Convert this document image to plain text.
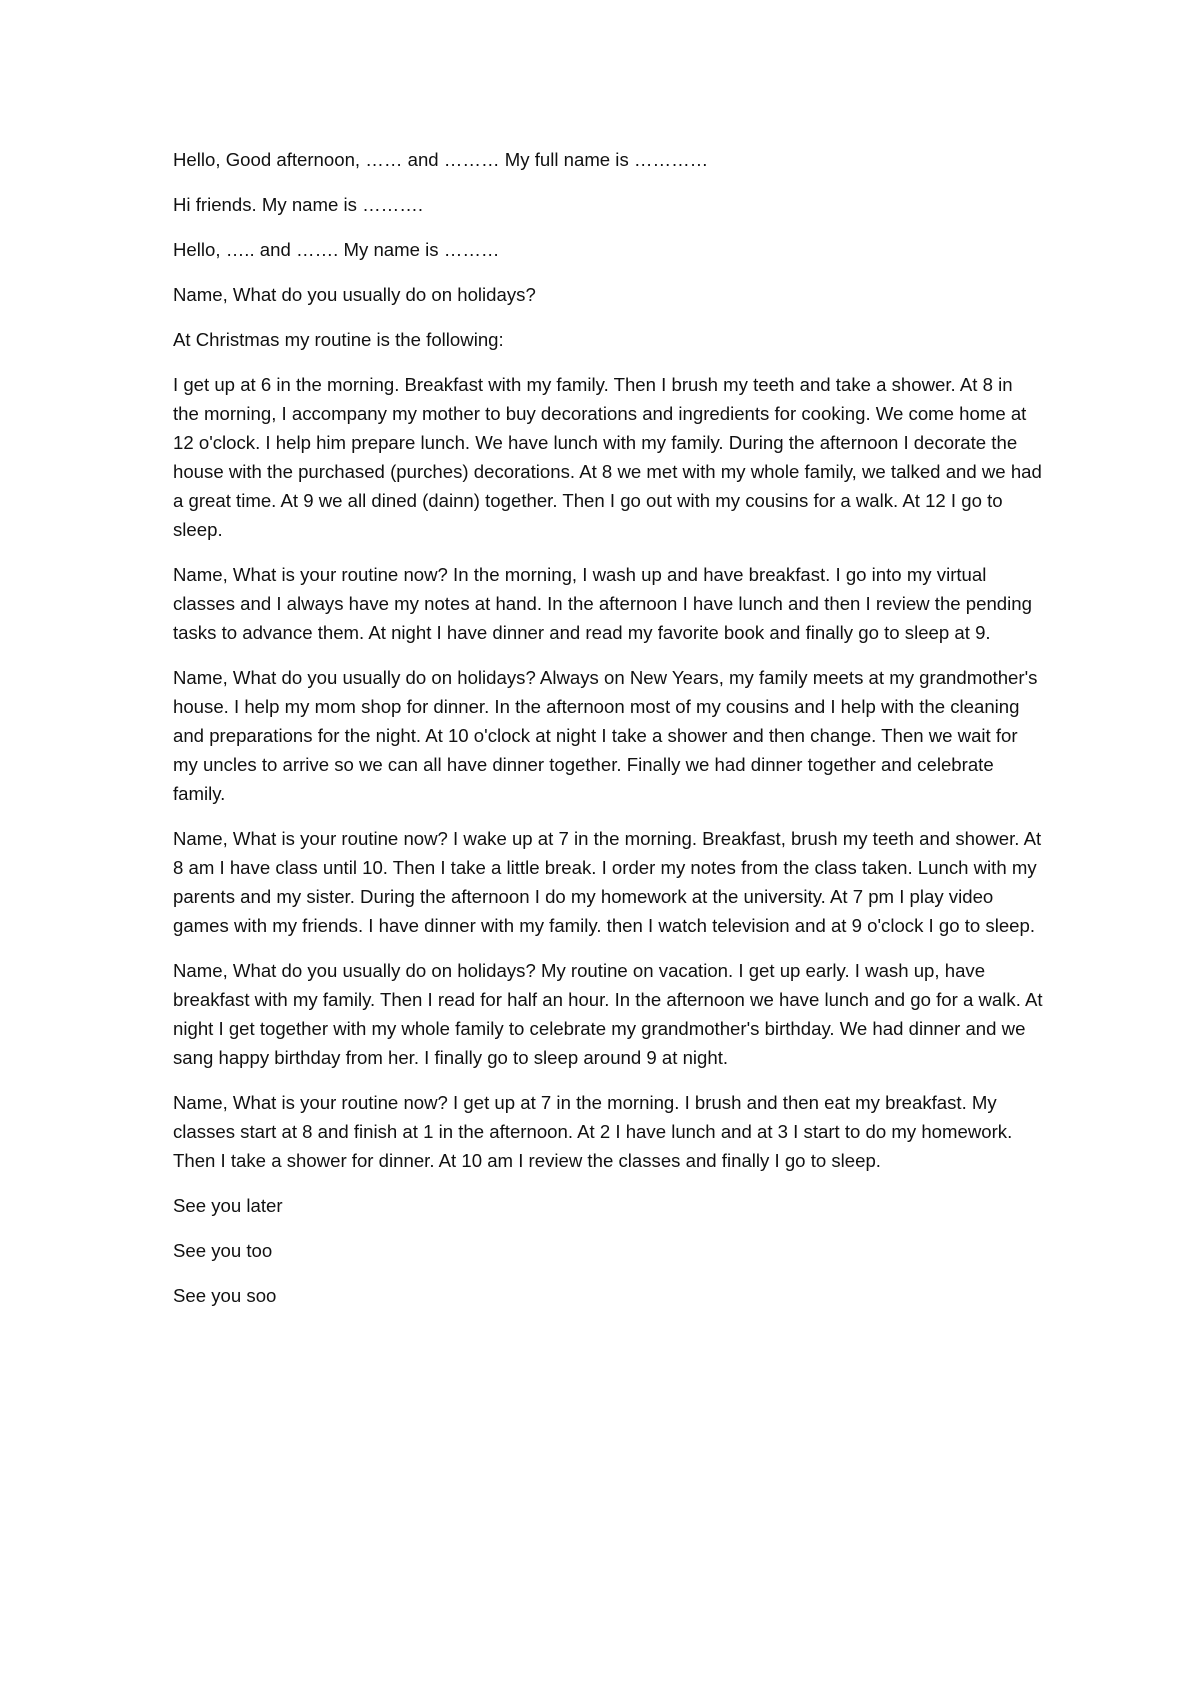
Hello, Good afternoon, …… and ……… My full name is …………

Hi friends. My name is ……….

Hello, ….. and ……. My name is ………

Name, What do you usually do on holidays?

At Christmas my routine is the following:

I get up at 6 in the morning. Breakfast with my family. Then I brush my teeth and take a shower. At 8 in the morning, I accompany my mother to buy decorations and ingredients for cooking. We come home at 12 o'clock. I help him prepare lunch. We have lunch with my family. During the afternoon I decorate the house with the purchased (purches) decorations. At 8 we met with my whole family, we talked and we had a great time. At 9 we all dined (dainn) together. Then I go out with my cousins for a walk. At 12 I go to sleep.

Name, What is your routine now? In the morning, I wash up and have breakfast. I go into my virtual classes and I always have my notes at hand. In the afternoon I have lunch and then I review the pending tasks to advance them. At night I have dinner and read my favorite book and finally go to sleep at 9.

Name, What do you usually do on holidays? Always on New Years, my family meets at my grandmother's house. I help my mom shop for dinner. In the afternoon most of my cousins and I help with the cleaning and preparations for the night. At 10 o'clock at night I take a shower and then change. Then we wait for my uncles to arrive so we can all have dinner together. Finally we had dinner together and celebrate family.

Name, What is your routine now? I wake up at 7 in the morning. Breakfast, brush my teeth and shower. At 8 am I have class until 10. Then I take a little break. I order my notes from the class taken. Lunch with my parents and my sister. During the afternoon I do my homework at the university. At 7 pm I play video games with my friends. I have dinner with my family. then I watch television and at 9 o'clock I go to sleep.

Name, What do you usually do on holidays? My routine on vacation. I get up early. I wash up, have breakfast with my family. Then I read for half an hour. In the afternoon we have lunch and go for a walk. At night I get together with my whole family to celebrate my grandmother's birthday. We had dinner and we sang happy birthday from her. I finally go to sleep around 9 at night.

Name, What is your routine now? I get up at 7 in the morning. I brush and then eat my breakfast. My classes start at 8 and finish at 1 in the afternoon. At 2 I have lunch and at 3 I start to do my homework. Then I take a shower for dinner. At 10 am I review the classes and finally I go to sleep.

See you later

See you too

See you soo
